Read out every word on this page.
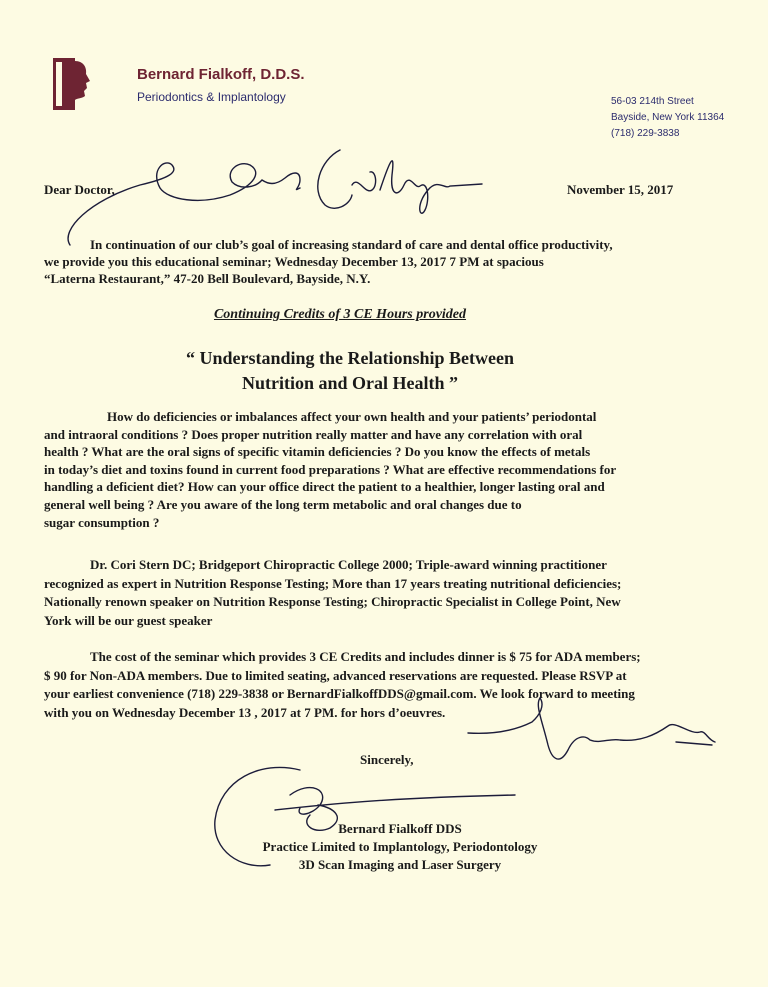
Bernard Fialkoff, D.D.S.
Periodontics & Implantology	56-03 214th Street
Bayside, New York 11364
(718) 229-3838
Dear Doctor,	November 15, 2017
In continuation of our club’s goal of increasing standard of care and dental office productivity,
we provide you this educational seminar; Wednesday December 13, 2017 7 PM at spacious
“Laterna Restaurant,” 47-20 Bell Boulevard, Bayside, N.Y.
Continuing Credits of 3 CE Hours provided
“ Understanding the Relationship Between
Nutrition and Oral Health ”
How do deficiencies or imbalances affect your own health and your patients’ periodontal
and intraoral conditions ? Does proper nutrition really matter and have any correlation with oral
health ? What are the oral signs of specific vitamin deficiencies ? Do you know the effects of metals
in today’s diet and toxins found in current food preparations ? What are effective recommendations for
handling a deficient diet? How can your office direct the patient to a healthier, longer lasting oral and
general well being ? Are you aware of the long term metabolic and oral changes due to
sugar consumption ?
Dr. Cori Stern DC; Bridgeport Chiropractic College 2000; Triple-award winning practitioner
recognized as expert in Nutrition Response Testing; More than 17 years treating nutritional deficiencies;
Nationally renown speaker on Nutrition Response Testing; Chiropractic Specialist in College Point, New
York will be our guest speaker
The cost of the seminar which provides 3 CE Credits and includes dinner is $ 75 for ADA members;
$ 90 for Non-ADA members. Due to limited seating, advanced reservations are requested. Please RSVP at
your earliest convenience (718) 229-3838 or BernardFialkoffDDS@gmail.com. We look forward to meeting
with you on Wednesday December 13 , 2017 at 7 PM. for hors d’oeuvres.
Sincerely,
Bernard Fialkoff DDS
Practice Limited to Implantology, Periodontology
3D Scan Imaging and Laser Surgery
